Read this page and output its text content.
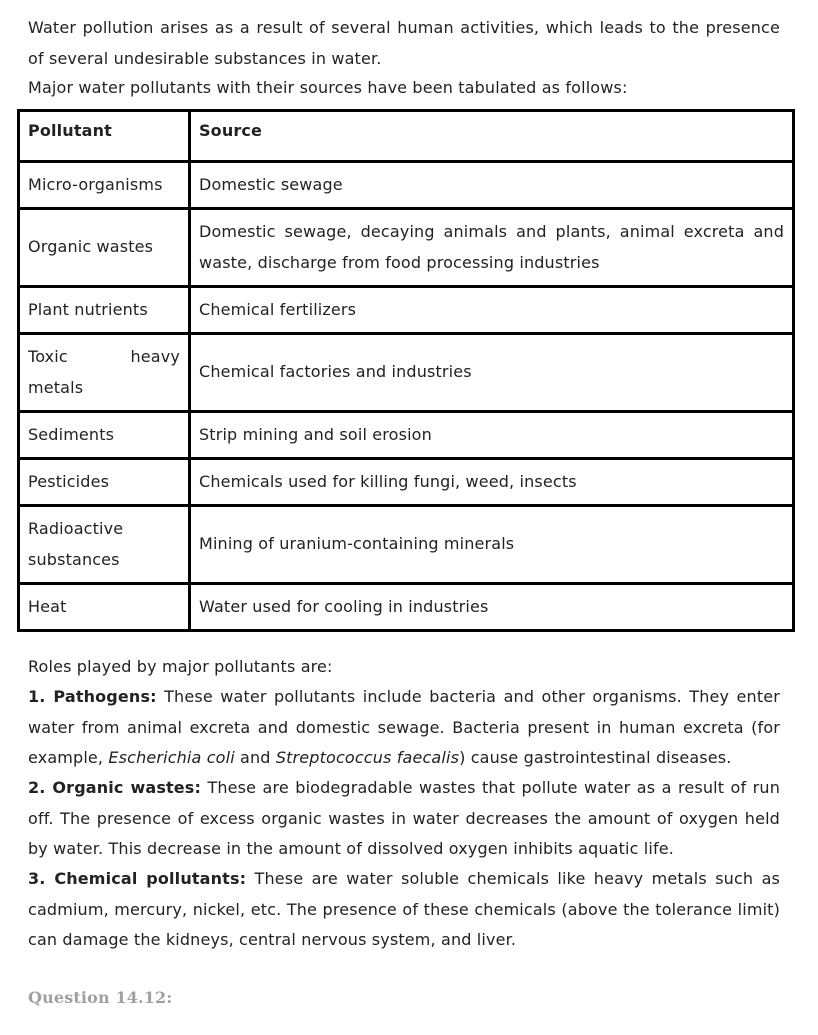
Water pollution arises as a result of several human activities, which leads to the presence of several undesirable substances in water.

Major water pollutants with their sources have been tabulated as follows:

Pollutant	Source
Micro-organisms	Domestic sewage
Organic wastes	Domestic sewage, decaying animals and plants, animal excreta and waste, discharge from food processing industries
Plant nutrients	Chemical fertilizers
Toxic heavy metals	Chemical factories and industries
Sediments	Strip mining and soil erosion
Pesticides	Chemicals used for killing fungi, weed, insects
Radioactive substances	Mining of uranium-containing minerals
Heat	Water used for cooling in industries

Roles played by major pollutants are:

1. Pathogens: These water pollutants include bacteria and other organisms. They enter water from animal excreta and domestic sewage. Bacteria present in human excreta (for example, Escherichia coli and Streptococcus faecalis) cause gastrointestinal diseases.

2. Organic wastes: These are biodegradable wastes that pollute water as a result of run off. The presence of excess organic wastes in water decreases the amount of oxygen held by water. This decrease in the amount of dissolved oxygen inhibits aquatic life.

3. Chemical pollutants: These are water soluble chemicals like heavy metals such as cadmium, mercury, nickel, etc. The presence of these chemicals (above the tolerance limit) can damage the kidneys, central nervous system, and liver.

Question 14.12:
